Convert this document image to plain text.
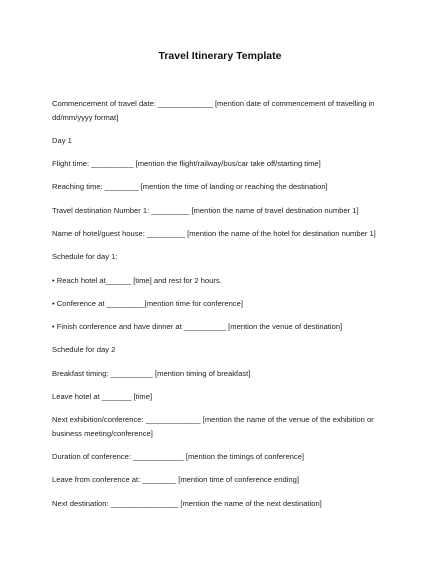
Travel Itinerary Template

Commencement of travel date: _____________ [mention date of commencement of travelling in dd/mm/yyyy format]

Day 1

Flight time: __________ [mention the flight/railway/bus/car take off/starting time]

Reaching time: ________ [mention the time of landing or reaching the destination]

Travel destination Number 1: _________ [mention the name of travel destination number 1]

Name of hotel/guest house: _________ [mention the name of the hotel for destination number 1]

Schedule for day 1:

• Reach hotel at______ [time] and rest for 2 hours.

• Conference at _________[mention time for conference]

• Finish conference and have dinner at __________ [mention the venue of destination]

Schedule for day 2

Breakfast timing: __________ [mention timing of breakfast]

Leave hotel at _______ [time]

Next exhibition/conference: _____________ [mention the name of the venue of the exhibition or business meeting/conference]

Duration of conference: ____________ [mention the timings of conference]

Leave from conference at: ________ [mention time of conference ending]

Next destination: ________________ [mention the name of the next destination]
